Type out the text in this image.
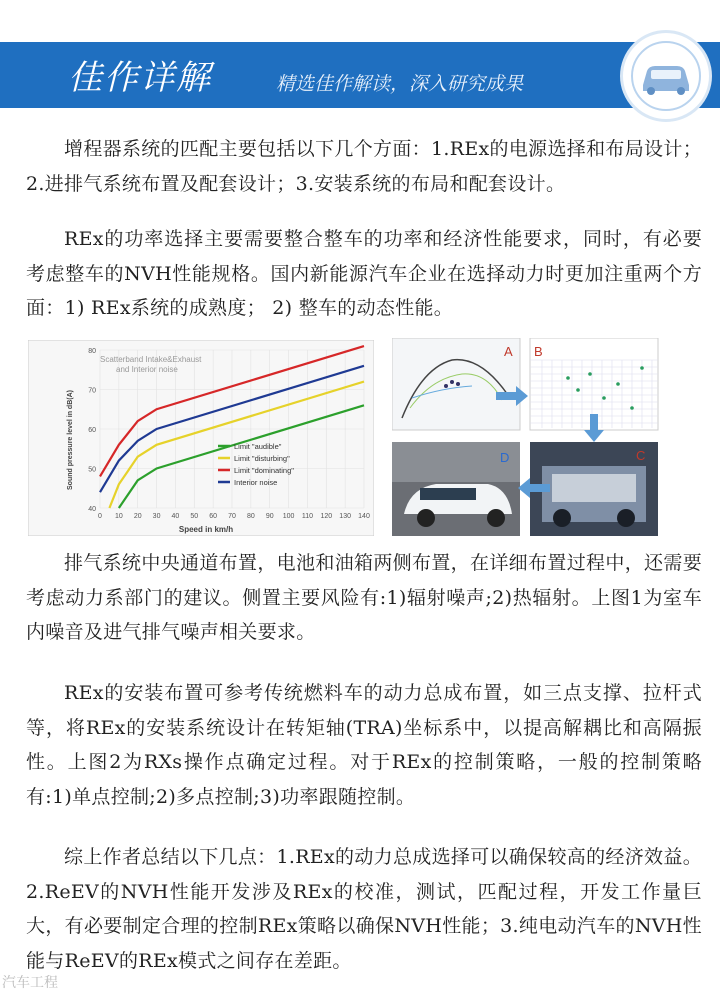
佳作详解	精选佳作解读，深入研究成果
增程器系统的匹配主要包括以下几个方面：1.REx的电源选择和布局设计；2.进排气系统布置及配套设计；3.安装系统的布局和配套设计。
REx的功率选择主要需要整合整车的功率和经济性能要求，同时，有必要考虑整车的NVH性能规格。国内新能源汽车企业在选择动力时更加注重两个方面：1) REx系统的成熟度； 2) 整车的动态性能。
0 10 20 30 40 50 60 70 80 90 100 110 120 130 140
40
50
60
70
80
Scatterband Intake&Exhaust
and Interior noise
Speed in km/h
Sound pressure level in dB(A)	Limit "audible"
Limit "disturbing"
Limit "dominating"
Interior noise
A B
D	C
排气系统中央通道布置，电池和油箱两侧布置，在详细布置过程中，还需要考虑动力系部门的建议。侧置主要风险有:1)辐射噪声;2)热辐射。上图1为室车内噪音及进气排气噪声相关要求。
REx的安装布置可参考传统燃料车的动力总成布置，如三点支撑、拉杆式等，将REx的安装系统设计在转矩轴(TRA)坐标系中，以提高解耦比和高隔振性。上图2为RXs操作点确定过程。对于REx的控制策略，一般的控制策略有:1)单点控制;2)多点控制;3)功率跟随控制。
综上作者总结以下几点：1.REx的动力总成选择可以确保较高的经济效益。2.ReEV的NVH性能开发涉及REx的校准，测试，匹配过程，开发工作量巨大，有必要制定合理的控制REx策略以确保NVH性能；3.纯电动汽车的NVH性能与ReEV的REx模式之间存在差距。
汽车工程
